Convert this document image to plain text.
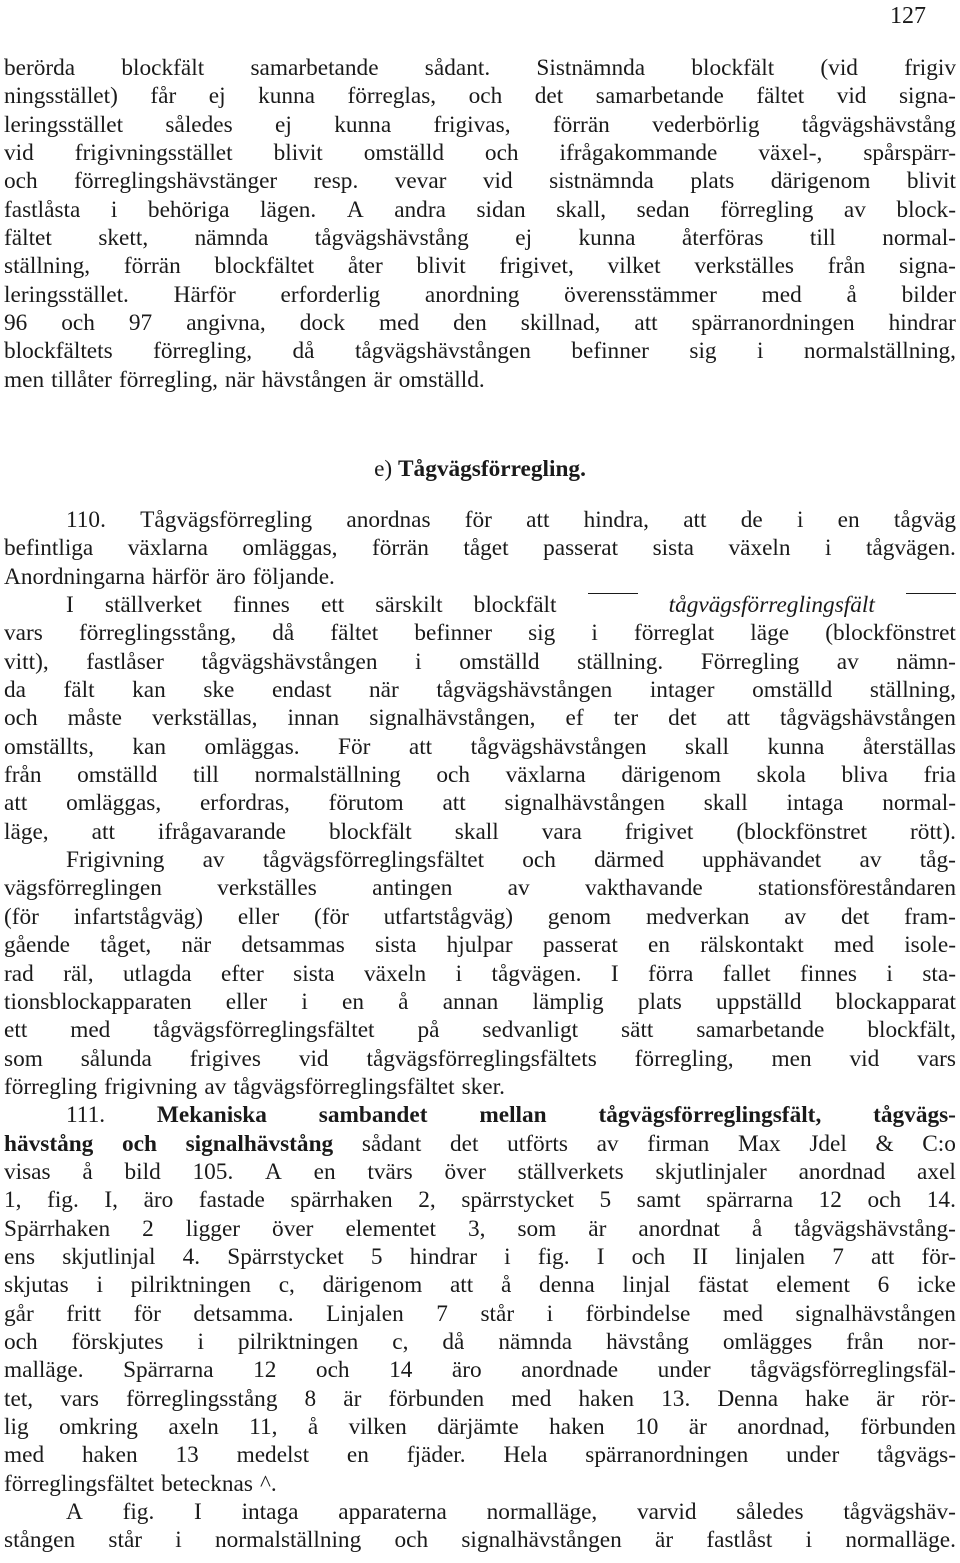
127
berörda blockfält samarbetande sådant. Sistnämnda blockfält (vid frigiv
ningsstället) får ej kunna förreglas, och det samarbetande fältet vid signa-
leringsstället således ej kunna frigivas, förrän vederbörlig tågvägshävstång
vid frigivningsstället blivit omställd och ifrågakommande växel-, spårspärr-
och förreglingshävstänger resp. vevar vid sistnämnda plats därigenom blivit
fastlåsta i behöriga lägen. A andra sidan skall, sedan förregling av block-
fältet skett, nämnda tågvägshävstång ej kunna återföras till normal-
ställning, förrän blockfältet åter blivit frigivet, vilket verkställes från signa-
leringsstället. Härför erforderlig anordning överensstämmer med å bilder
96 och 97 angivna, dock med den skillnad, att spärranordningen hindrar
blockfältets förregling, då tågvägshävstången befinner sig i normalställning,
men tillåter förregling, när hävstången är omställd.
e) Tågvägsförregling.
110. Tågvägsförregling anordnas för att hindra, att de i en tågväg
befintliga växlarna omläggas, förrän tåget passerat sista växeln i tågvägen.
Anordningarna härför äro följande.
I ställverket finnes ett särskilt blockfält	tågvägsförreglingsfält
vars förreglingsstång, då fältet befinner sig i förreglat läge (blockfönstret
vitt), fastlåser tågvägshävstången i omställd ställning. Förregling av nämn-
da fält kan ske endast när tågvägshävstången intager omställd ställning,
och måste verkställas, innan signalhävstången, ef ter det att tågvägshävstången
omställts, kan omläggas. För att tågvägshävstången skall kunna återställas
från omställd till normalställning och växlarna därigenom skola bliva fria
att omläggas, erfordras, förutom att signalhävstången skall intaga normal-
läge, att ifrågavarande blockfält skall vara frigivet (blockfönstret rött).
Frigivning av tågvägsförreglingsfältet och därmed upphävandet av tåg-
vägsförreglingen verkställes antingen av vakthavande stationsföreståndaren
(för infartstågväg) eller (för utfartstågväg) genom medverkan av det fram-
gående tåget, när detsammas sista hjulpar passerat en rälskontakt med isole-
rad räl, utlagda efter sista växeln i tågvägen. I förra fallet finnes i sta-
tionsblockapparaten eller i en å annan lämplig plats uppställd blockapparat
ett med tågvägsförreglingsfältet på sedvanligt sätt samarbetande blockfält,
som sålunda frigives vid tågvägsförreglingsfältets förregling, men vid vars
förregling frigivning av tågvägsförreglingsfältet sker.
111. Mekaniska sambandet mellan tågvägsförreglingsfält, tågvägs-
hävstång och signalhävstång sådant det utförts av firman Max Jdel & C:o
visas å bild 105. A en tvärs över ställverkets skjutlinjaler anordnad axel
1, fig. I, äro fastade spärrhaken 2, spärrstycket 5 samt spärrarna 12 och 14.
Spärrhaken 2 ligger över elementet 3, som är anordnat å tågvägshävstång-
ens skjutlinjal 4. Spärrstycket 5 hindrar i fig. I och II linjalen 7 att för-
skjutas i pilriktningen c, därigenom att å denna linjal fästat element 6 icke
går fritt för detsamma. Linjalen 7 står i förbindelse med signalhävstången
och förskjutes i pilriktningen c, då nämnda hävstång omlägges från nor-
malläge. Spärrarna 12 och 14 äro anordnade under tågvägsförreglingsfäl-
tet, vars förreglingsstång 8 är förbunden med haken 13. Denna hake är rör-
lig omkring axeln 11, å vilken därjämte haken 10 är anordnad, förbunden
med haken 13 medelst en fjäder. Hela spärranordningen under tågvägs-
förreglingsfältet betecknas ^.
A fig. I intaga apparaterna normalläge, varvid således tågvägshäv-
stången står i normalställning och signalhävstången är fastlåst i normalläge.
